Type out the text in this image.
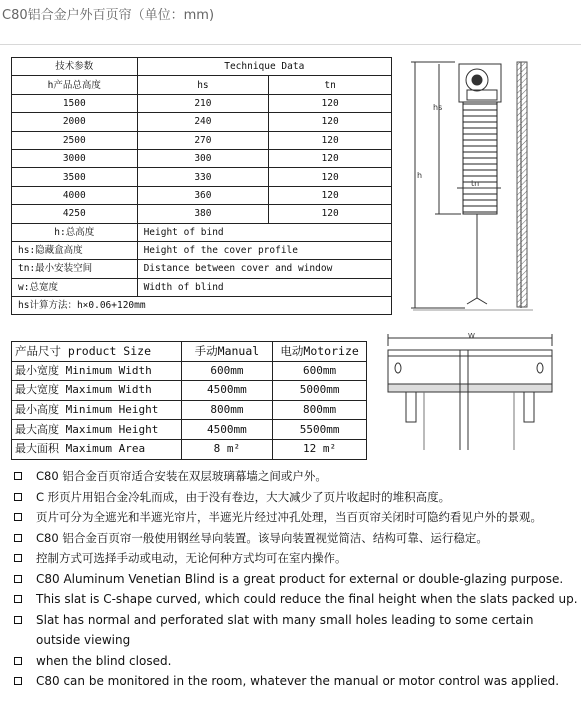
C80铝合金户外百页帘（单位：mm)
技术参数	Technique Data	
h产品总高度	hs	tn
1500	210	120
2000	240	120
2500	270	120
3000	300	120
3500	330	120
4000	360	120
4250	380	120
h:总高度	Height of bind	
hs:隐藏盒高度	Height of the cover profile	
tn:最小安装空间	Distance between cover and window	
w:总宽度	Width of blind	
hs计算方法：h×0.06+120mm		
h
hs
tn
W
产品尺寸 product Size	手动Manual	电动Motorize
最小宽度 Minimum Width	600mm	600mm
最大宽度 Maximum Width	4500mm	5000mm
最小高度 Minimum Height	800mm	800mm
最大高度 Maximum Height	4500mm	5500mm
最大面积 Maximum Area	8 m²	12 m²
C80 铝合金百页帘适合安装在双层玻璃幕墙之间或户外。
C 形页片用铝合金冷轧而成，由于没有卷边，大大减少了页片收起时的堆积高度。
页片可分为全遮光和半遮光帘片，半遮光片经过冲孔处理，当百页帘关闭时可隐约看见户外的景观。
C80 铝合金百页帘一般使用钢丝导向装置。该导向装置视觉简洁、结构可靠、运行稳定。
控制方式可选择手动或电动，无论何种方式均可在室内操作。
C80 Aluminum Venetian Blind is a great product for external or double-glazing purpose.
This slat is C-shape curved, which could reduce the final height when the slats packed up.
Slat has normal and perforated slat with many small holes leading to some certain outside viewing
when the blind closed.
C80 can be monitored in the room, whatever the manual or motor control was applied.
